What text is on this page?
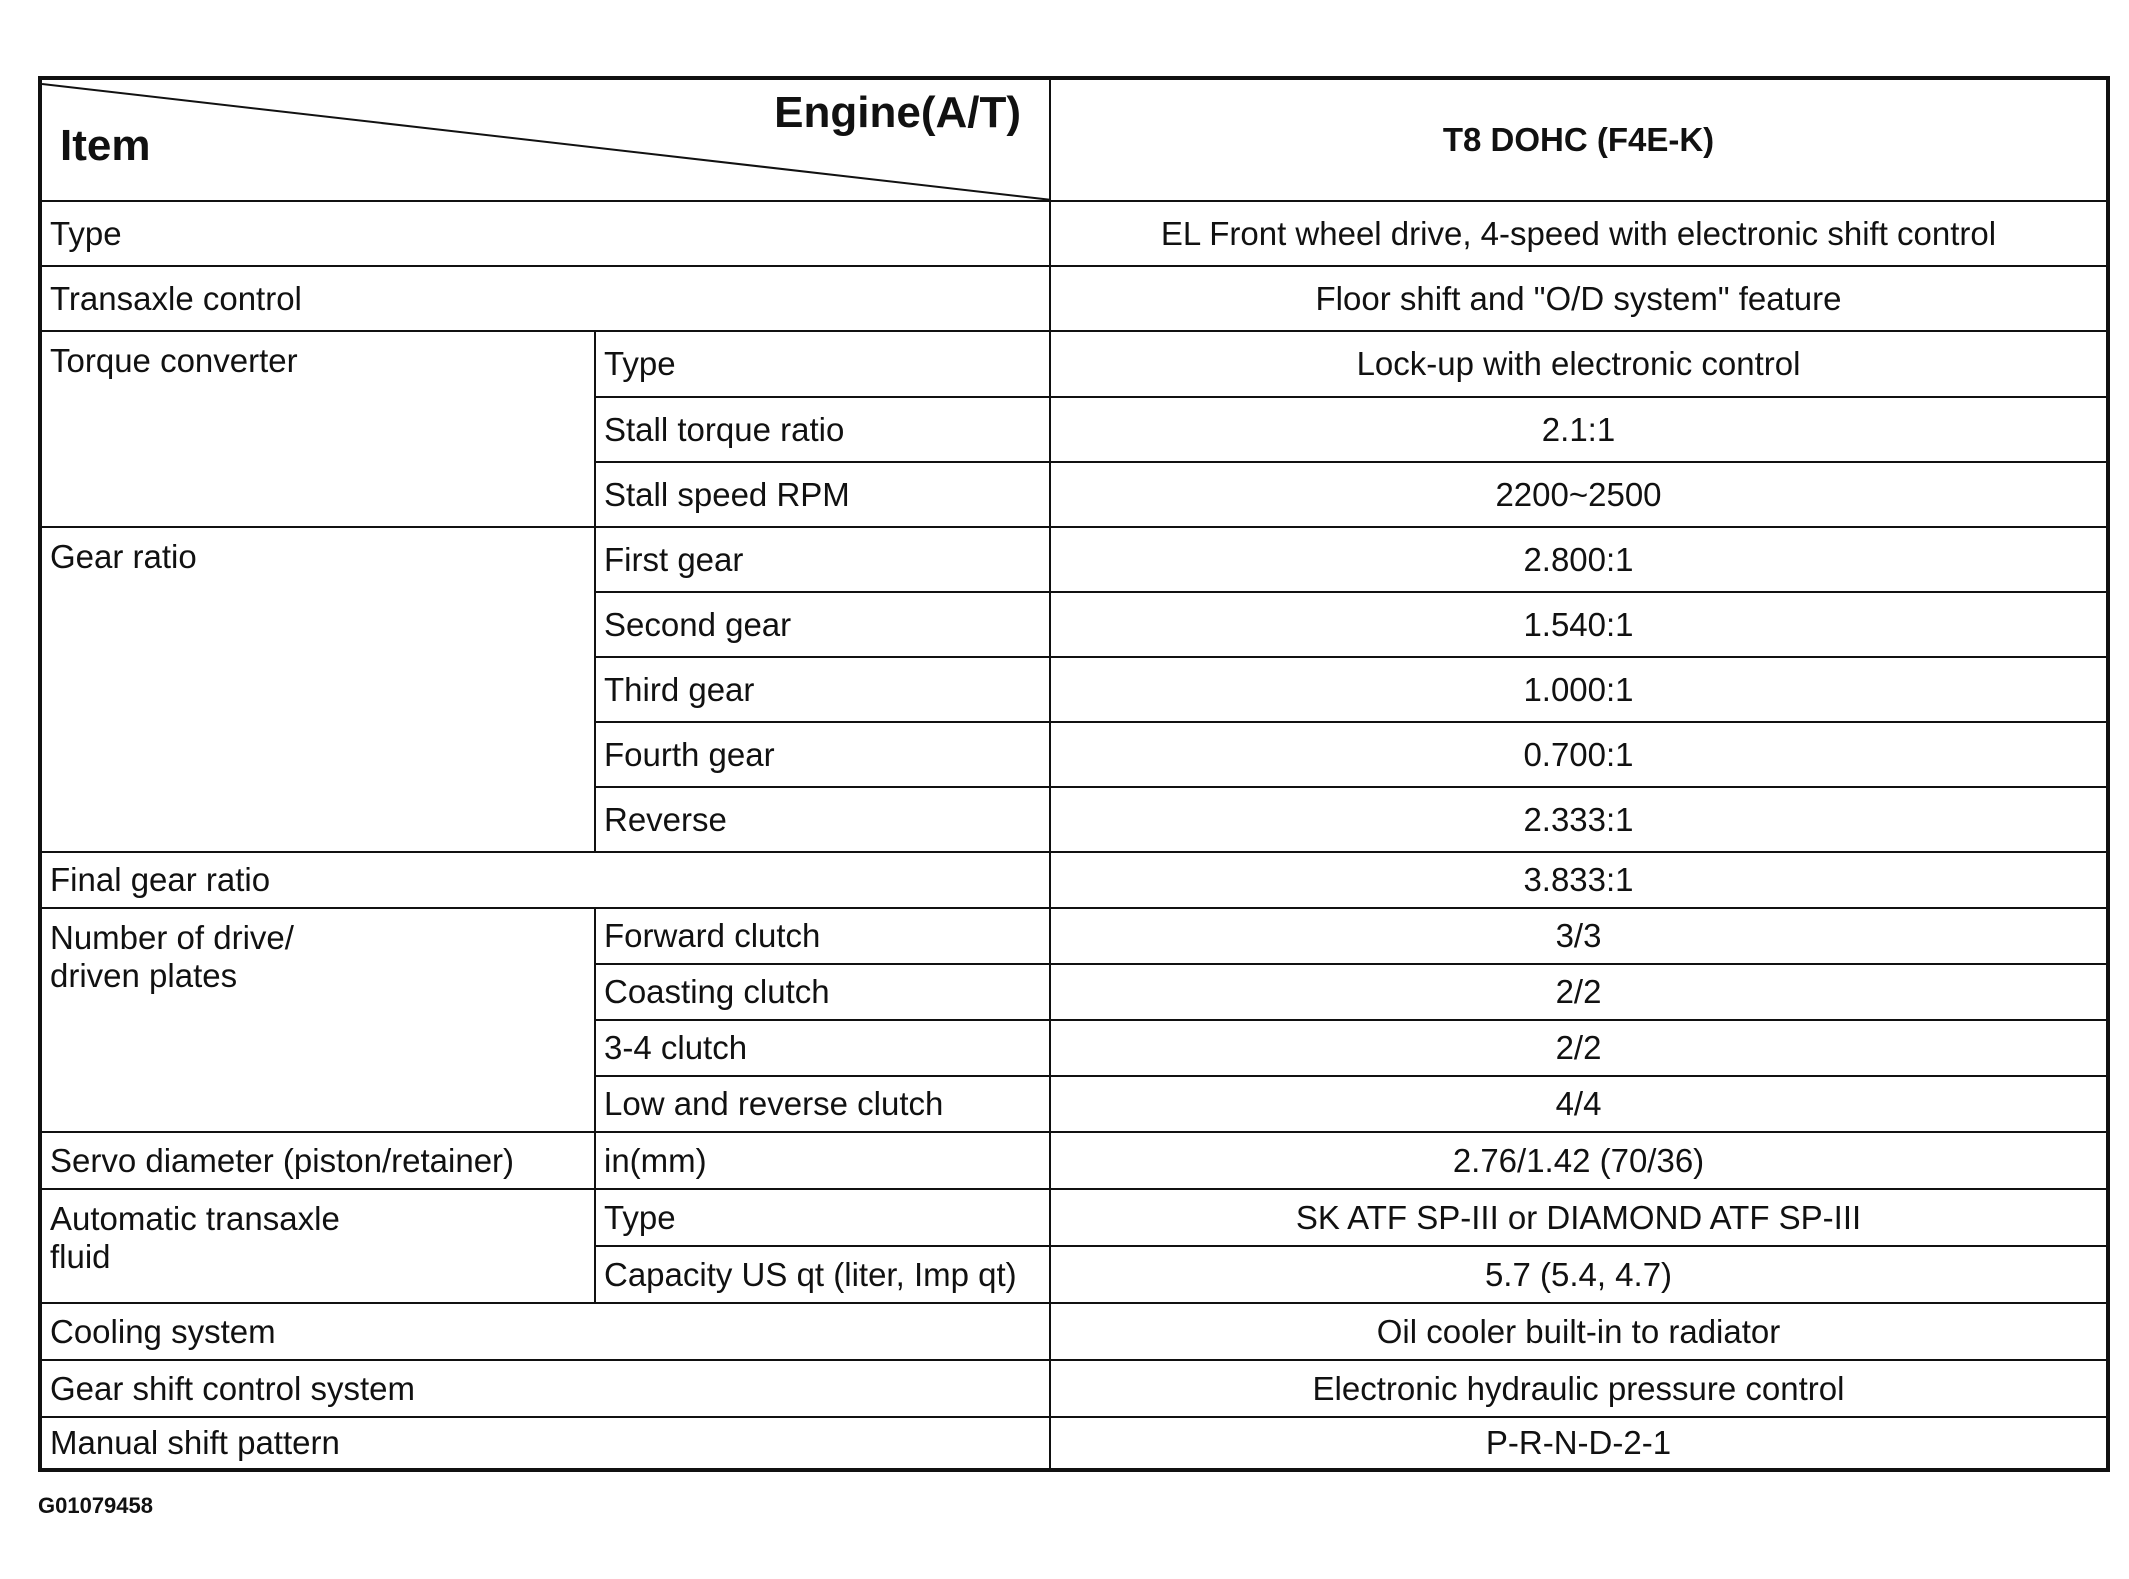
Engine(A/T)
Item		T8 DOHC (F4E-K)
Type		EL Front wheel drive, 4-speed with electronic shift control
Transaxle control		Floor shift and "O/D system" feature
Torque converter	Type	Lock-up with electronic control
	Stall torque ratio	2.1:1
	Stall speed RPM	2200~2500
Gear ratio	First gear	2.800:1
	Second gear	1.540:1
	Third gear	1.000:1
	Fourth gear	0.700:1
	Reverse	2.333:1
Final gear ratio		3.833:1
Number of drive/
driven plates	Forward clutch	3/3
	Coasting clutch	2/2
	3-4 clutch	2/2
	Low and reverse clutch	4/4
Servo diameter (piston/retainer)	in(mm)	2.76/1.42 (70/36)
Automatic transaxle
fluid	Type	SK ATF SP-III or DIAMOND ATF SP-III
	Capacity US qt (liter, Imp qt)	5.7 (5.4, 4.7)
Cooling system		Oil cooler built-in to radiator
Gear shift control system		Electronic hydraulic pressure control
Manual shift pattern		P-R-N-D-2-1
G01079458
